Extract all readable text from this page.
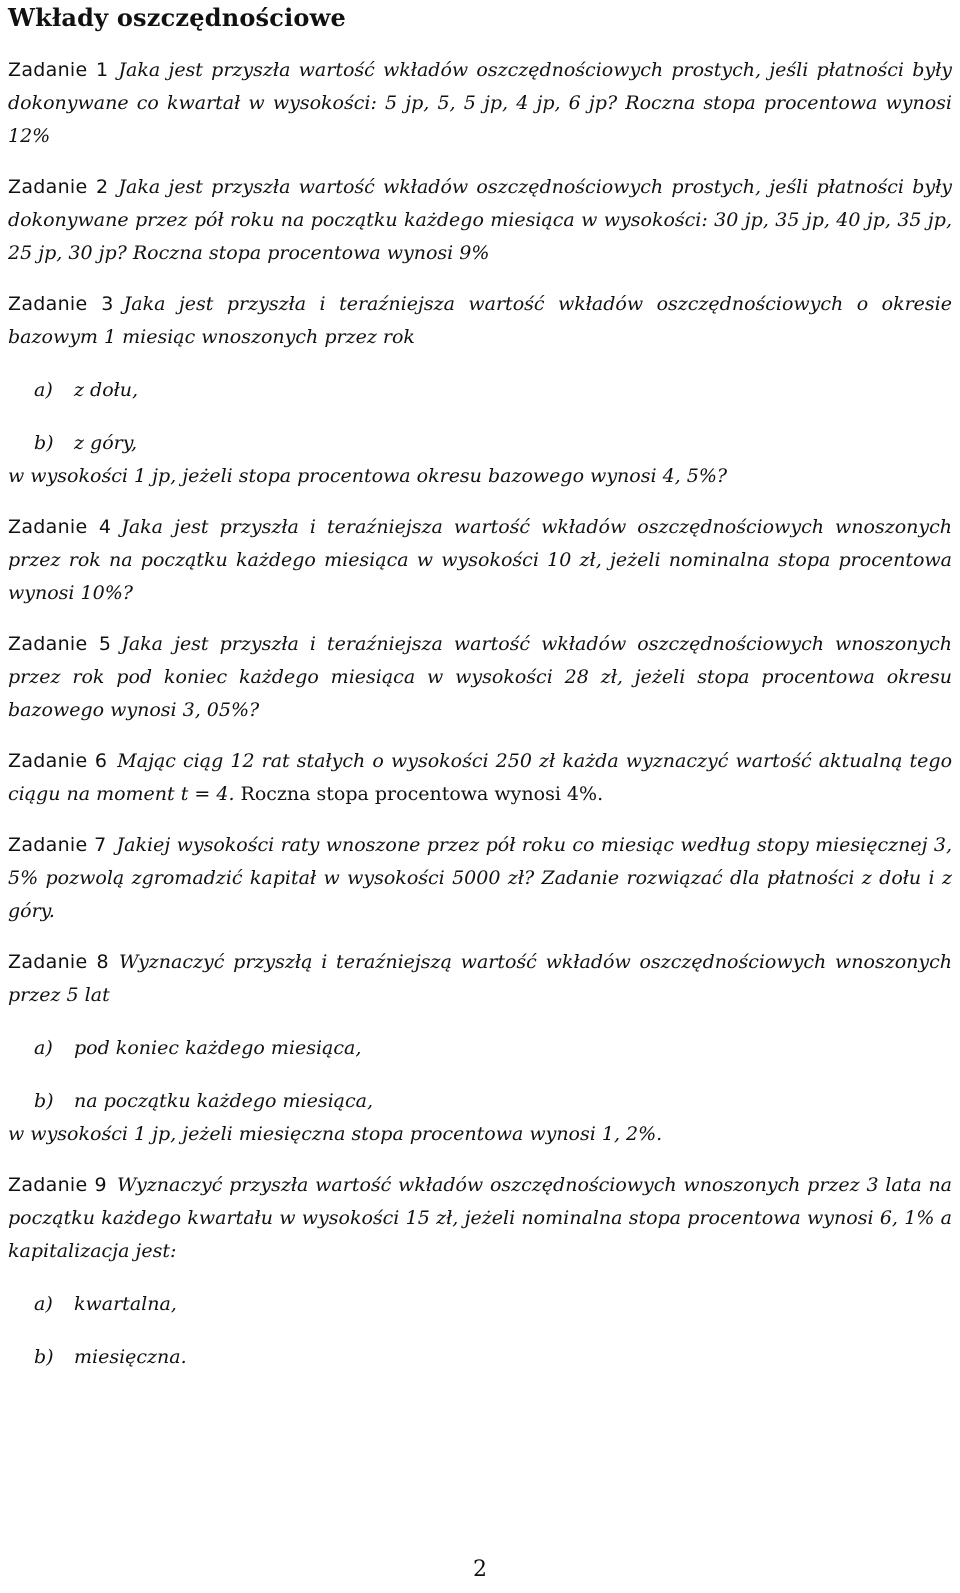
Wkłady oszczędnościowe

Zadanie 1 Jaka jest przyszła wartość wkładów oszczędnościowych prostych, jeśli płatności były dokonywane co kwartał w wysokości: 5 jp, 5, 5 jp, 4 jp, 6 jp? Roczna stopa procentowa wynosi 12%

Zadanie 2 Jaka jest przyszła wartość wkładów oszczędnościowych prostych, jeśli płatności były dokonywane przez pół roku na początku każdego miesiąca w wysokości: 30 jp, 35 jp, 40 jp, 35 jp, 25 jp, 30 jp? Roczna stopa procentowa wynosi 9%

Zadanie 3 Jaka jest przyszła i teraźniejsza wartość wkładów oszczędnościowych o okresie bazowym 1 miesiąc wnoszonych przez rok

a) z dołu,
b) z góry,

w wysokości 1 jp, jeżeli stopa procentowa okresu bazowego wynosi 4, 5%?

Zadanie 4 Jaka jest przyszła i teraźniejsza wartość wkładów oszczędnościowych wnoszonych przez rok na początku każdego miesiąca w wysokości 10 zł, jeżeli nominalna stopa procentowa wynosi 10%?

Zadanie 5 Jaka jest przyszła i teraźniejsza wartość wkładów oszczędnościowych wnoszonych przez rok pod koniec każdego miesiąca w wysokości 28 zł, jeżeli stopa procentowa okresu bazowego wynosi 3, 05%?

Zadanie 6 Mając ciąg 12 rat stałych o wysokości 250 zł każda wyznaczyć wartość aktualną tego ciągu na moment t = 4. Roczna stopa procentowa wynosi 4%.

Zadanie 7 Jakiej wysokości raty wnoszone przez pół roku co miesiąc według stopy miesięcznej 3, 5% pozwolą zgromadzić kapitał w wysokości 5000 zł? Zadanie rozwiązać dla płatności z dołu i z góry.

Zadanie 8 Wyznaczyć przyszłą i teraźniejszą wartość wkładów oszczędnościowych wnoszonych przez 5 lat

a) pod koniec każdego miesiąca,
b) na początku każdego miesiąca,

w wysokości 1 jp, jeżeli miesięczna stopa procentowa wynosi 1, 2%.

Zadanie 9 Wyznaczyć przyszła wartość wkładów oszczędnościowych wnoszonych przez 3 lata na początku każdego kwartału w wysokości 15 zł, jeżeli nominalna stopa procentowa wynosi 6, 1% a kapitalizacja jest:

a) kwartalna,
b) miesięczna.
2
